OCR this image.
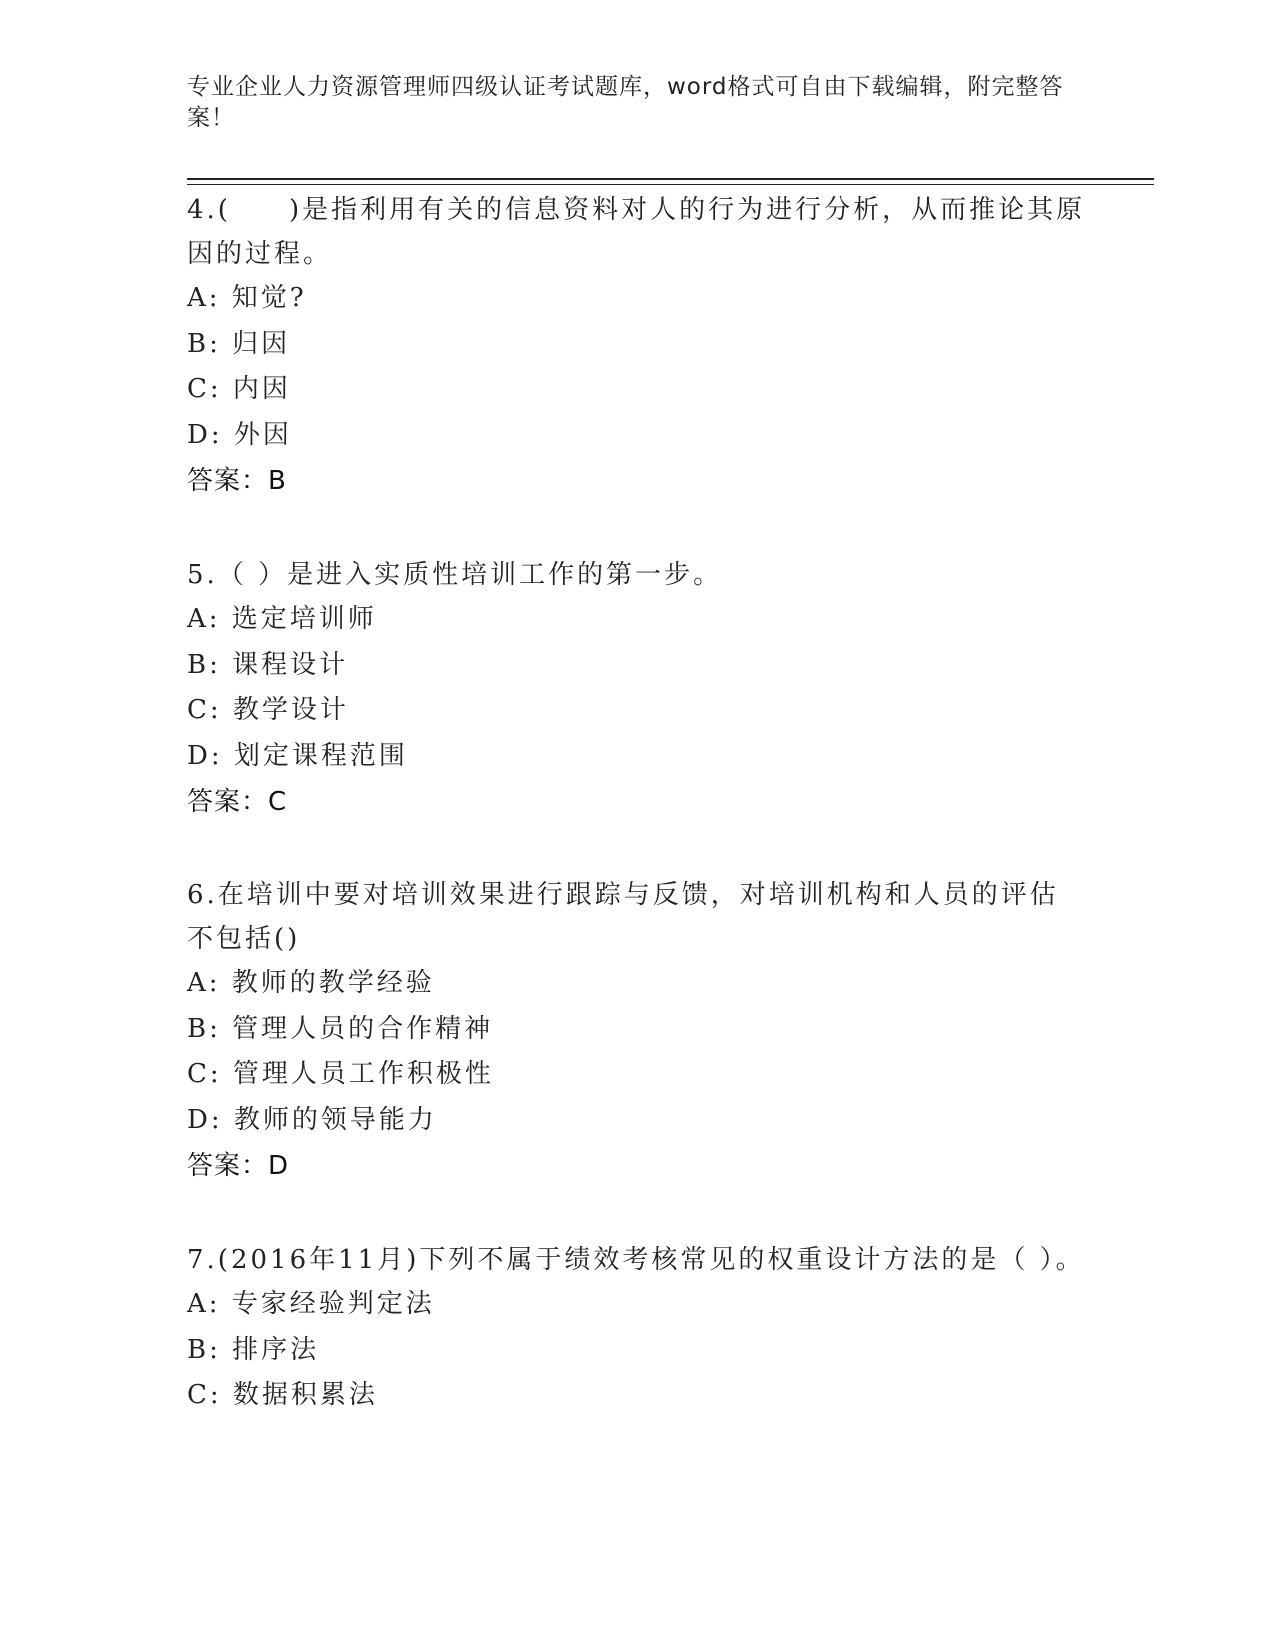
专业企业人力资源管理师四级认证考试题库，word格式可自由下载编辑，附完整答案！

4.(　　)是指利用有关的信息资料对人的行为进行分析，从而推论其原因的过程。

A: 知觉?
B: 归因
C: 内因
D: 外因
答案：B

5.（ ）是进入实质性培训工作的第一步。

A: 选定培训师
B: 课程设计
C: 教学设计
D: 划定课程范围
答案：C

6.在培训中要对培训效果进行跟踪与反馈，对培训机构和人员的评估不包括()

A: 教师的教学经验
B: 管理人员的合作精神
C: 管理人员工作积极性
D: 教师的领导能力
答案：D

7.(2016年11月)下列不属于绩效考核常见的权重设计方法的是（ ）。

A: 专家经验判定法
B: 排序法
C: 数据积累法
